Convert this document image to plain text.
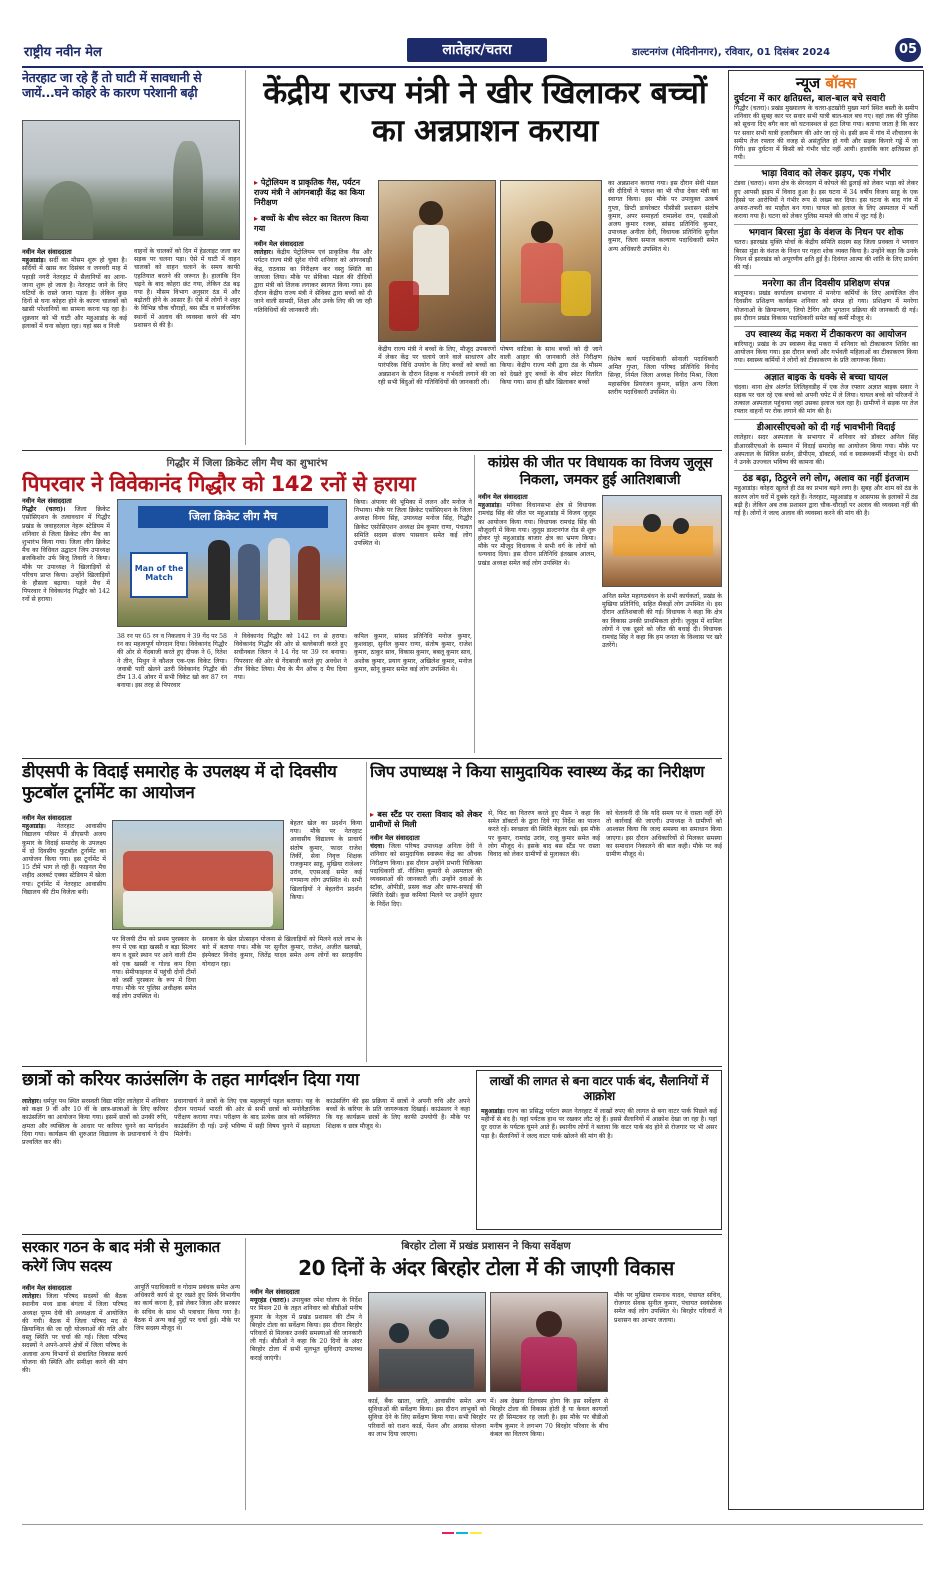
राष्ट्रीय नवीन मेल	लातेहार/चतरा	डाल्टनगंज (मेदिनीनगर), रविवार, 01 दिसंबर 2024	05
नेतरहाट जा रहे हैं तो घाटी में सावधानी से जायें...घने कोहरे के कारण परेशानी बढ़ी
नवीन मेल संवाददाता
महुआडांड़। सर्दी का मौसम शुरू हो चुका है। सर्दियों में खास कर दिसंबर व जनवरी माह में पहाड़ी नगरी नेतरहाट में सैलानियों का आना-जाना शुरू हो जाता है। नेतरहाट जाने के लिए घटियों के रास्ते जाना पड़ता है। लेकिन कुछ दिनों से घना कोहरा होने के कारण चालकों को खासी परेशानियों का सामना करना पड़ रहा है। शुक्रवार को भी घाटी और महुआडांड़ के कई इलाकों में घना कोहरा रहा। यहां बस व निजी
वाहनों के चालकों को दिन में हेडलाइट जला कर सड़क पर चलना पड़ा। ऐसे में घाटी में वाहन चालकों को वाहन चलाने के समय काफी एहतियात बरतने की जरूरत है। हालांकि दिन चढ़ने के बाद कोहरा छंट गया, लेकिन ठंड बढ़ गया है। मौसम विभाग अनुसार ठंड में और बढ़ोतरी होने के आसार हैं। ऐसे में लोगों ने शहर के विभिन्न चौक चौराहों, बस स्टैंड व सार्वजनिक स्थानों में अलाव की व्यवस्था करने की मांग प्रशासन से की है।
केंद्रीय राज्य मंत्री ने खीर खिलाकर बच्चों का अन्नप्राशन कराया
▸ पेट्रोलियम व प्राकृतिक गैस, पर्यटन राज्य मंत्री ने आंगनबाड़ी केंद्र का किया निरीक्षण
▸ बच्चों के बीच स्वेटर का वितरण किया गया
नवीन मेल संवाददाता
लातेहार। केंद्रीय पेट्रोलियम एवं प्राकृतिक गैस और पर्यटन राज्य मंत्री सुरेश गोपी शनिवार को आंगनबाड़ी केंद्र, राठवास का निरीक्षण कर वस्तु स्थिति का जायजा लिया। मौके पर सेविका मंडल की दीदियों द्वारा मंत्री को तिलक लगाकर स्वागत किया गया। इस दौरान केंद्रीय राज्य मंत्री ने सेविका द्वारा बच्चों को दी जाने वाली सामग्री, शिक्षा और उनके लिए की जा रही गतिविधियों की जानकारी ली।
केंद्रीय राज्य मंत्री ने बच्चों के लिए, मौजूद उपकरणों में लेकर केंद्र पर चलाये जाने वाले साधारण और पारंपरिक विधि उपयोग के लिए बच्चों को बच्चों का अन्नप्राशन के दौरान शिक्षक व गर्भवती लगाने की जा रही सभी बिंदुओं की गतिविधियों की जानकारी ली।
पोषण वाटिका के साथ बच्चों को दी जाने वाली आहार की जानकारी लेते निरीक्षण किया। केंद्रीय राज्य मंत्री द्वारा ठंड के मौसम को देखते हुए बच्चों के बीच स्वेटर वितरित किया गया। साथ ही खीर खिलाकर बच्चों
का अन्नप्राशन कराया गया। इस दौरान सेवी मंडल की दीदियों ने पलाश का भी पौधा देकर मंत्री का स्वागत किया। इस मौके पर उपायुक्त उत्कर्ष गुप्ता, डिप्टी डायरेक्टर पीसीसी प्रशासन संतोष कुमार, अपर समाहर्ता रामप्रवेश राम, एसडीओ अजय कुमार रजक, सांसद प्रतिनिधि कुमार, उपाध्यक्ष अनीता देवी, विधायक प्रतिनिधि सुनील कुमार, जिला समाज कल्याण पदाधिकारी समेत अन्य अधिकारी उपस्थित थे।
विशेष कार्य पदाधिकारी सोनाली पदाधिकारी अमित गुप्ता, जिला परिषद प्रतिनिधि विनोद सिन्हा, निर्मल जिला अध्यक्ष विनोद मिश्रा, जिला महासचिव प्रियरंजन कुमार, सहित अन्य जिला स्तरीय पदाधिकारी उपस्थित थे।
न्यूज बॉक्स
दुर्घटना में कार क्षतिग्रस्त, बाल-बाल बचे सवारी
गिद्धौर (चतरा)। प्रखंड मुख्यालय के चतरा-इटखोरी मुख्य मार्ग स्थित बस्ती के समीप शनिवार की सुबह कार पर सवार सभी यात्री बाल-बाल बच गए। वहां तक की पुलिस को सूचना दिए बगैर कार को घटनास्थल से हटा लिया गया। बताया जाता है कि कार पर सवार सभी यात्री हजारीबाग की ओर जा रहे थे। इसी क्रम में गांव में शौचालय के समीप तेज रफ्तार की वजह से असंतुलित हो गयी और सड़क किनारे गड्ढे में जा गिरी। इस दुर्घटना में किसी को गंभीर चोट नहीं आयी। हालांकि कार क्षतिग्रस्त हो गयी।
भाड़ा विवाद को लेकर झड़प, एक गंभीर
टंडवा (चतरा)। थाना क्षेत्र के सेरनदाग में कोयले की ढुलाई को लेकर भाड़ा को लेकर हुए आपसी झड़प में विवाद हुआ है। इस घटना में 34 वर्षीय विजय साहू के एक हिस्से पर आरोपियों ने गंभीर रूप से जख्म कर दिया। इस घटना के बाद गांव में अफरा-तफरी का माहौल बन गया। घायल को इलाज के लिए अस्पताल में भर्ती कराया गया है। घटना को लेकर पुलिस मामले की जांच में जुट गई है।
भगवान बिरसा मुंडा के वंशज के निधन पर शोक
चतरा। झारखंड मुक्ति मोर्चा के केंद्रीय समिति सदस्य सह जिला प्रवक्ता ने भगवान बिरसा मुंडा के वंशज के निधन पर गहरा शोक व्यक्त किया है। उन्होंने कहा कि उनके निधन से झारखंड को अपूरणीय क्षति हुई है। दिवंगत आत्मा की शांति के लिए प्रार्थना की गई।
मनरेगा का तीन दिवसीय प्रशिक्षण संपन्न
बालूमाथ। प्रखंड कार्यालय सभागार में मनरेगा कर्मियों के लिए आयोजित तीन दिवसीय प्रशिक्षण कार्यक्रम शनिवार को संपन्न हो गया। प्रशिक्षण में मनरेगा योजनाओं के क्रियान्वयन, जियो टैगिंग और भुगतान प्रक्रिया की जानकारी दी गई। इस दौरान प्रखंड विकास पदाधिकारी समेत कई कर्मी मौजूद थे।
उप स्वास्थ्य केंद्र मकरा में टीकाकरण का आयोजन
बारियातू। प्रखंड के उप स्वास्थ्य केंद्र मकरा में शनिवार को टीकाकरण शिविर का आयोजन किया गया। इस दौरान बच्चों और गर्भवती महिलाओं का टीकाकरण किया गया। स्वास्थ्य कर्मियों ने लोगों को टीकाकरण के प्रति जागरूक किया।
अज्ञात बाइक के धक्के से बच्चा घायल
चंदवा। थाना क्षेत्र अंतर्गत लिलिहवडीह में एक तेज रफ्तार अज्ञात बाइक सवार ने सड़क पर चल रहे एक बच्चे को अपनी चपेट में ले लिया। घायल बच्चे को परिजनों ने तत्काल अस्पताल पहुंचाया जहां उसका इलाज चल रहा है। ग्रामीणों ने सड़क पर तेज रफ्तार वाहनों पर रोक लगाने की मांग की है।
डीआरसीएचओ को दी गई भावभीनी विदाई
लातेहार। सदर अस्पताल के सभागार में शनिवार को डॉक्टर अनिल सिंह डीआरसीएचओ के सम्मान में विदाई समारोह का आयोजन किया गया। मौके पर अस्पताल के सिविल सर्जन, डीपीएम, डॉक्टर्स, नर्स व स्वास्थ्यकर्मी मौजूद थे। सभी ने उनके उज्ज्वल भविष्य की कामना की।
ठंड बढ़ा, ठिठुरने लगे लोग, अलाव का नहीं इंतजाम
महुआडांड़। कोहरा खुलते ही ठंड का प्रभाव बढ़ने लगा है। सुबह और शाम को ठंड के कारण लोग घरों में दुबके रहते हैं। नेतरहाट, महुआडांड़ व आसपास के इलाकों में ठंड बढ़ी है। लेकिन अब तक प्रशासन द्वारा चौक-चौराहों पर अलाव की व्यवस्था नहीं की गई है। लोगों ने जल्द अलाव की व्यवस्था करने की मांग की है।
गिद्धौर में जिला क्रिकेट लीग मैच का शुभारंभ
पिपरवार ने विवेकानंद गिद्धौर को 142 रनों से हराया
नवीन मेल संवाददाता
गिद्धौर (चतरा)। जिला क्रिकेट एसोसिएशन के तत्वावधान में गिद्धौर प्रखंड के जवाहरलाल नेहरू स्टेडियम में शनिवार से जिला क्रिकेट लीग मैच का शुभारंभ किया गया। जिला लीग क्रिकेट मैच का विधिवत उद्घाटन जिप उपाध्यक्ष ब्रजकिशोर उर्फ बिजू तिवारी ने किया। मौके पर उपाध्यक्ष ने खिलाड़ियों से परिचय प्राप्त किया। उन्होंने खिलाड़ियों के हौसला बढ़ाया। पहले मैच में पिपरवार ने विवेकानंद गिद्धौर को 142 रनों से हराया।
जिला क्रिकेट लीग मैच
Man of the Match
38 रन पर 65 रन व निकलाय ने 39 गेंद पर 58 रन का महत्वपूर्ण योगदान दिया। विवेकानंद गिद्धौर की ओर से गेंदबाजी करते हुए दीपक ने 6, रितेश ने तीन, मिथुन ने कौशल एक-एक विकेट लिया। जवाबी पारी खेलने उतरी विवेकानंद गिद्धौर की टीम 13.4 ओवर में सभी विकेट खो कर 87 रन बनाया। इस तरह से पिपरवार
ने विवेकानंद गिद्धौर को 142 रन से हराया। विवेकानंद गिद्धौर की ओर से बल्लेबाजी करते हुए सचीनबल जितन ने 14 गेंद पर 39 रन बनाया। पिपरवार की ओर से गेंदबाजी करते हुए अवधेश ने तीन विकेट लिया। मैच के मैन ऑफ द मैच दिया गया।
किया। अंपायर की भूमिका में ललन और मनोज ने निभाया। मौके पर जिला क्रिकेट एसोसिएशन के जिला अध्यक्ष विनय सिंह, उपाध्यक्ष मनोज सिंह, गिद्धौर क्रिकेट एसोसिएशन अध्यक्ष प्रेम कुमार राणा, पंचायत समिति सदस्य संजय पासवान समेत कई लोग उपस्थित थे।
कपिल कुमार, सांसद प्रतिनिधि मनोज कुमार, कुशवाहा, सुनील कुमार राणा, संतोष कुमार, राजेश कुमार, ठाकुर साव, विकास कुमार, बबलू कुमार साव, अशोक कुमार, प्रयाग कुमार, अखिलेश कुमार, मनोज कुमार, सोनू कुमार समेत कई लोग उपस्थित थे।
कांग्रेस की जीत पर विधायक का विजय जुलूस निकला, जमकर हुई आतिशबाजी
नवीन मेल संवाददाता
महुआडांड़। मनिका विधानसभा क्षेत्र से विधायक रामचंद्र सिंह की जीत पर महुआडांड़ में विजय जुलूस का आयोजन किया गया। विधायक रामचंद्र सिंह की मौजूदगी में किया गया। जुलूस डाल्टनगंज रोड से शुरू होकर पूरे महुआडांड़ बाजार क्षेत्र का भ्रमण किया। मौके पर मौजूद विधायक ने सभी वर्ग के लोगों को धन्यवाद दिया। इस दौरान प्रतिनिधि इंतखाब आलम, प्रखंड अध्यक्ष समेत कई लोग उपस्थित थे।
अनिल समेत महागठबंधन के सभी कार्यकर्ता, प्रखंड के मुखिया प्रतिनिधि, सहित सैकड़ों लोग उपस्थित थे। इस दौरान आतिशबाजी की गई। विधायक ने कहा कि क्षेत्र का विकास उनकी प्राथमिकता होगी। जुलूस में शामिल लोगों ने एक दूसरे को जीत की बधाई दी। विधायक रामचंद्र सिंह ने कहा कि हम जनता के विश्वास पर खरे उतरेंगे।
डीएसपी के विदाई समारोह के उपलक्ष्य में दो दिवसीय फुटबॉल टूर्नामेंट का आयोजन
नवीन मेल संवाददाता
महुआडांड़। नेतरहाट आवासीय विद्यालय परिसर में डीएसपी अजय कुमार के विदाई समारोह के उपलक्ष्य में दो दिवसीय फुटबॉल टूर्नामेंट का आयोजन किया गया। इस टूर्नामेंट में 15 टीमें भाग ले रही हैं। फाइनल मैच शहीद अलबर्ट एक्का स्टेडियम में खेला गया। टूर्नामेंट में नेतरहाट आवासीय विद्यालय की टीम विजेता बनी।
पर विजयी टीम को प्रथम पुरस्कार के रूप में एक बड़ा खस्सी व बड़ा सिल्वर कप व दूसरे स्थान पर आने वाली टीम को एक खस्सी व गोल्ड कप दिया गया। सेमीफाइनल में पहुंची दोनों टीमों को जर्सी पुरस्कार के रूप में दिया गया। मौके पर पुलिस अधीक्षक समेत कई लोग उपस्थित थे।
बेहतर खेल का प्रदर्शन किया गया। मौके पर नेतरहाट आवासीय विद्यालय के प्राचार्य संतोष कुमार, फादर राजेश तिर्की, सेवा निवृत्त शिक्षक राजकुमार साहू, मुखिया राजेश्वर उरांव, एएसआई समेत कई गणमान्य लोग उपस्थित थे। सभी खिलाड़ियों ने बेहतरीन प्रदर्शन किया।
सरकार के खेल प्रोत्साहन योजना से खिलाड़ियों को मिलने वाले लाभ के बारे में बताया गया। मौके पर सुनील कुमार, राजेश, अजीत खलखो, इंस्पेक्टर विनोद कुमार, जितेंद्र यादव समेत अन्य लोगों का सराहनीय योगदान रहा।
जिप उपाध्यक्ष ने किया सामुदायिक स्वास्थ्य केंद्र का निरीक्षण
▸ बस स्टैंड पर रास्ता विवाद को लेकर ग्रामीणों से मिली
नवीन मेल संवाददाता
चंदवा। जिला परिषद उपाध्यक्ष अनिता देवी ने शनिवार को सामुदायिक स्वास्थ्य केंद्र का औचक निरीक्षण किया। इस दौरान उन्होंने प्रभारी चिकित्सा पदाधिकारी डॉ. नीलिमा कुमारी से अस्पताल की व्यवस्थाओं की जानकारी ली। उन्होंने दवाओं के स्टॉक, ओपीडी, प्रसव कक्ष और साफ-सफाई की स्थिति देखी। कुछ कमियां मिलने पर उन्होंने सुधार के निर्देश दिए।
से, फिट का वितरण करते हुए मैडम ने कहा कि समेत डॉक्टरों के द्वारा दिये गए निर्देश का पालन करते रहें। स्वच्छता की स्थिति बेहतर रखें। इस मौके पर कुमार, रामचंद्र उरांव, राजू कुमार समेत कई लोग मौजूद थे। इसके बाद बस स्टैंड पर रास्ता विवाद को लेकर ग्रामीणों से मुलाकात की।
को चेतावनी दी कि यदि समय पर वे रास्ता नहीं देंगे तो कार्रवाई की जाएगी। उपाध्यक्ष ने ग्रामीणों को आश्वस्त किया कि जल्द समस्या का समाधान किया जाएगा। इस दौरान अधिकारियों से मिलकर समस्या का समाधान निकालने की बात कही। मौके पर कई ग्रामीण मौजूद थे।
छात्रों को करियर काउंसलिंग के तहत मार्गदर्शन दिया गया
लातेहार। धर्मपुर पथ स्थित सरस्वती विद्या मंदिर लातेहार में शनिवार को कक्षा 9 वीं और 10 वीं के छात्र-छात्राओं के लिए करियर काउंसलिंग का आयोजन किया गया। इसमें छात्रों को उनकी रुचि, क्षमता और व्यक्तित्व के आधार पर करियर चुनने का मार्गदर्शन दिया गया। कार्यक्रम की शुरुआत विद्यालय के प्रधानाचार्य ने दीप प्रज्वलित कर की।
प्रधानाचार्य ने छात्रों के लिए एक महत्वपूर्ण पहल बताया। यह के दौरान परामर्श भारती की ओर से सभी छात्रों को मनोवैज्ञानिक परीक्षण कराया गया। परीक्षण के बाद प्रत्येक छात्र को व्यक्तिगत काउंसलिंग दी गई। उन्हें भविष्य में सही विषय चुनने में सहायता मिलेगी।
काउंसलिंग की इस प्रक्रिया में छात्रों ने अपनी रुचि और अपने बच्चों के करियर के प्रति जागरूकता दिखाई। काउंसलर ने कहा कि यह कार्यक्रम छात्रों के लिए काफी उपयोगी है। मौके पर शिक्षक व छात्र मौजूद थे।
लाखों की लागत से बना वाटर पार्क बंद, सैलानियों में आक्रोश
महुआडांड़। राज्य का प्रसिद्ध पर्यटन स्थल नेतरहाट में लाखों रुपए की लागत से बना वाटर पार्क पिछले कई महीनों से बंद है। यहां पर्यटक हाथ पर रखकर लौट रहे हैं। इससे सैलानियों में आक्रोश देखा जा रहा है। यहां दूर दराज के पर्यटक घूमने आते हैं। स्थानीय लोगों ने बताया कि वाटर पार्क बंद होने से रोजगार पर भी असर पड़ा है। सैलानियों ने जल्द वाटर पार्क खोलने की मांग की है।
सरकार गठन के बाद मंत्री से मुलाकात करेगें जिप सदस्य
नवीन मेल संवाददाता
लातेहार। जिला परिषद सदस्यों की बैठक स्थानीय मध्य डाक बंगला में जिला परिषद अध्यक्ष पूनम देवी की अध्यक्षता में आयोजित की गयी। बैठक में जिला परिषद मद से क्रियान्वित की जा रही योजनाओं की गति और वस्तु स्थिति पर चर्चा की गई। जिला परिषद सदस्यों ने अपने-अपने क्षेत्रों में जिला परिषद के अलावा अन्य विभागों से संचालित विकास कार्य योजना की स्थिति और समीक्षा करने की मांग की।
आपूर्ति पदाधिकारी व गोदाम प्रबंधक समेत अन्य अधिकारी कार्य से दूर रखते हुए सिर्फ विभागीय का कार्य करना है, इसे लेकर जिला और सरकार के सचिव के साथ भी पत्राचार किया गया है। बैठक में अन्य कई मुद्दों पर चर्चा हुई। मौके पर जिप सदस्य मौजूद थे।
बिरहोर टोला में प्रखंड प्रशासन ने किया सर्वेक्षण
20 दिनों के अंदर बिरहोर टोला में की जाएगी विकास
नवीन मेल संवाददाता
मयूरहंड (चतरा)। उपायुक्त रमेश घोलप के निर्देश पर मिशन 20 के तहत शनिवार को बीडीओ मनीष कुमार के नेतृत्व में प्रखंड प्रशासन की टीम ने बिरहोर टोला का सर्वेक्षण किया। इस दौरान बिरहोर परिवारों से मिलकर उनकी समस्याओं की जानकारी ली गई। बीडीओ ने कहा कि 20 दिनों के अंदर बिरहोर टोला में सभी मूलभूत सुविधाएं उपलब्ध कराई जाएंगी।
कार्ड, बैंक खाता, जाति, आवासीय समेत अन्य सुविधाओं की सर्वेक्षण किया। इस दौरान लाभुकों को सुविधा देने के लिए सर्वेक्षण किया गया। सभी बिरहोर परिवारों को राशन कार्ड, पेंशन और आवास योजना का लाभ दिया जाएगा।
में। अब देखना दिलचस्प होगा कि इस सर्वेक्षण से बिरहोर टोला की विकास होती है या केवल कागजों पर ही सिमटकर रह जाती है। इस मौके पर बीडीओ मनीष कुमार ने लगभग 70 बिरहोर परिवार के बीच कंबल का वितरण किया।
मौके पर मुखिया रामनाथ यादव, पंचायत सचिव, रोजगार सेवक सुनील कुमार, पंचायत स्वयंसेवक समेत कई लोग उपस्थित थे। बिरहोर परिवारों ने प्रशासन का आभार जताया।
